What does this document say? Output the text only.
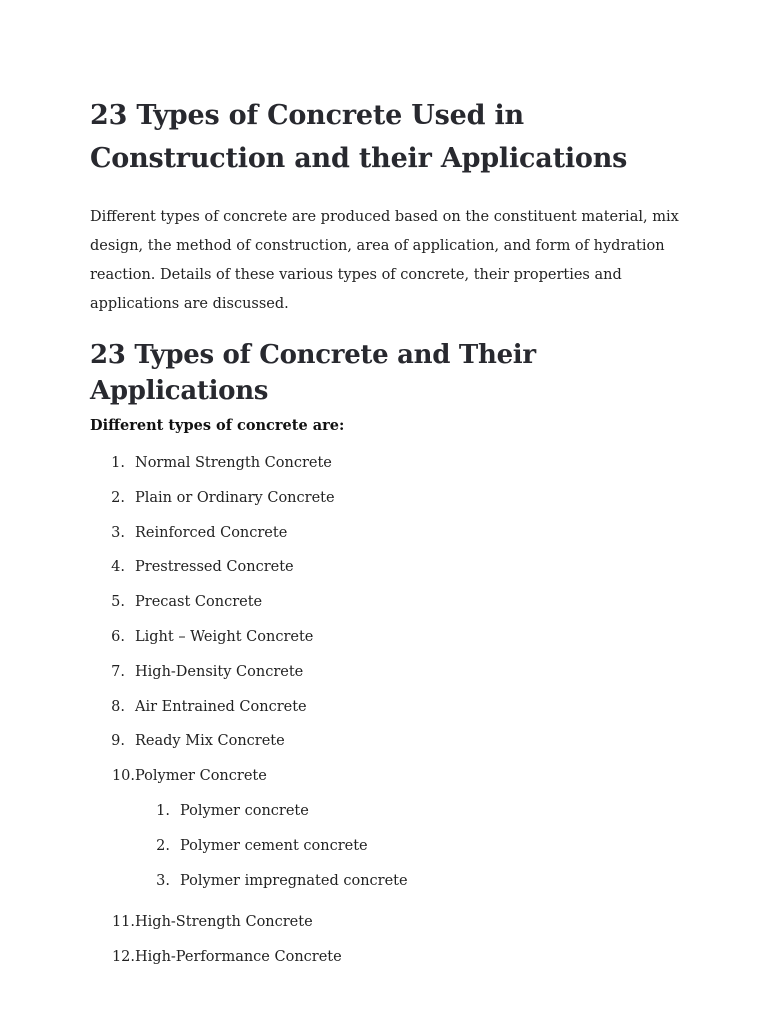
23 Types of Concrete Used in Construction and their Applications

Different types of concrete are produced based on the constituent material, mix design, the method of construction, area of application, and form of hydration reaction. Details of these various types of concrete, their properties and applications are discussed.

23 Types of Concrete and Their Applications
Different types of concrete are:
1. Normal Strength Concrete
2. Plain or Ordinary Concrete
3. Reinforced Concrete
4. Prestressed Concrete
5. Precast Concrete
6. Light – Weight Concrete
7. High-Density Concrete
8. Air Entrained Concrete
9. Ready Mix Concrete
10. Polymer Concrete
1. Polymer concrete
2. Polymer cement concrete
3. Polymer impregnated concrete
11. High-Strength Concrete
12. High-Performance Concrete
